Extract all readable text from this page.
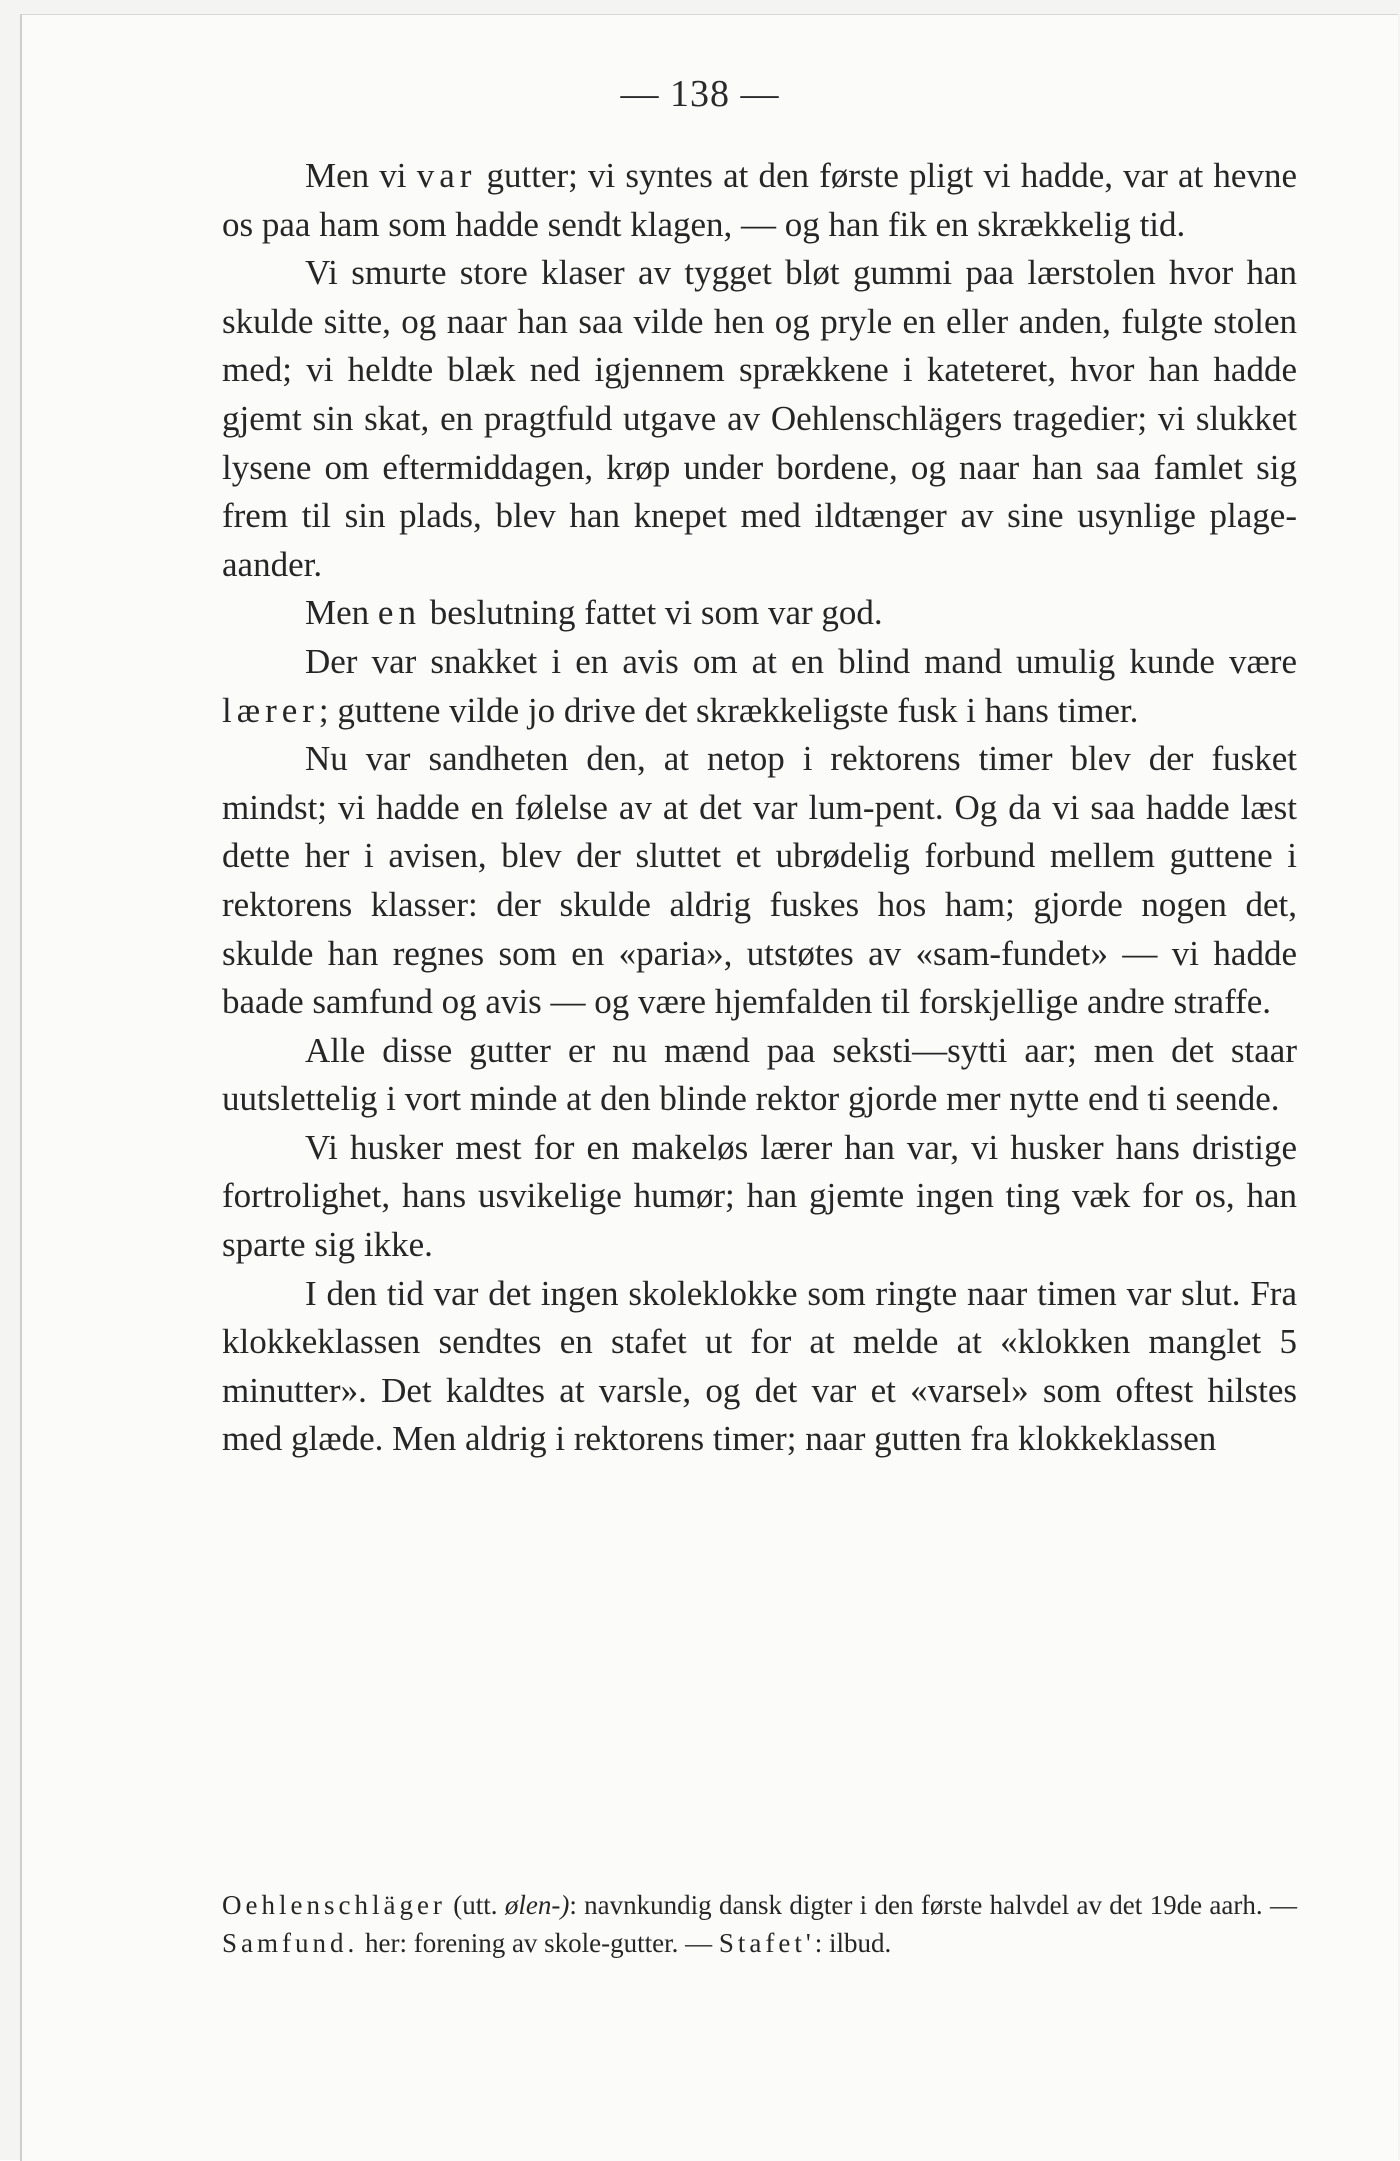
— 138 —

Men vi var gutter; vi syntes at den første pligt vi hadde, var at hevne os paa ham som hadde sendt klagen, — og han fik en skrækkelig tid.

Vi smurte store klaser av tygget bløt gummi paa lærstolen hvor han skulde sitte, og naar han saa vilde hen og pryle en eller anden, fulgte stolen med; vi heldte blæk ned igjennem sprækkene i kateteret, hvor han hadde gjemt sin skat, en pragtfuld utgave av Oehlenschlägers tragedier; vi slukket lysene om eftermiddagen, krøp under bordene, og naar han saa famlet sig frem til sin plads, blev han knepet med ildtænger av sine usynlige plage-aander.

Men en beslutning fattet vi som var god.

Der var snakket i en avis om at en blind mand umulig kunde være lærer; guttene vilde jo drive det skrækkeligste fusk i hans timer.

Nu var sandheten den, at netop i rektorens timer blev der fusket mindst; vi hadde en følelse av at det var lum-pent. Og da vi saa hadde læst dette her i avisen, blev der sluttet et ubrødelig forbund mellem guttene i rektorens klasser: der skulde aldrig fuskes hos ham; gjorde nogen det, skulde han regnes som en «paria», utstøtes av «sam-fundet» — vi hadde baade samfund og avis — og være hjemfalden til forskjellige andre straffe.

Alle disse gutter er nu mænd paa seksti—sytti aar; men det staar uutslettelig i vort minde at den blinde rektor gjorde mer nytte end ti seende.

Vi husker mest for en makeløs lærer han var, vi husker hans dristige fortrolighet, hans usvikelige humør; han gjemte ingen ting væk for os, han sparte sig ikke.

I den tid var det ingen skoleklokke som ringte naar timen var slut. Fra klokkeklassen sendtes en stafet ut for at melde at «klokken manglet 5 minutter». Det kaldtes at varsle, og det var et «varsel» som oftest hilstes med glæde. Men aldrig i rektorens timer; naar gutten fra klokkeklassen

Oehlenschläger (utt. ølen-): navnkundig dansk digter i den første halvdel av det 19de aarh. — Samfund. her: forening av skole-gutter. — Stafet': ilbud.
